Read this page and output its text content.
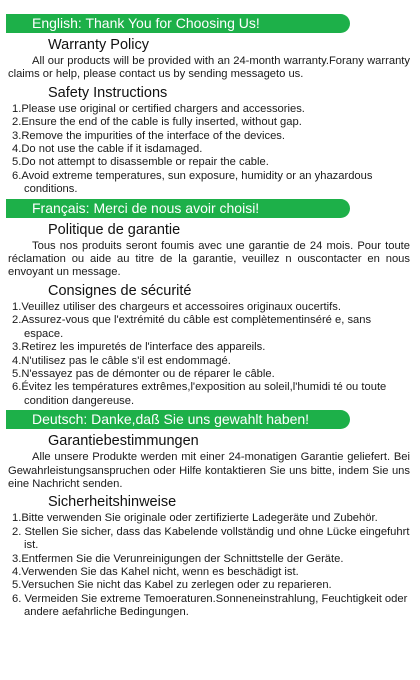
English: Thank You for Choosing Us!
Warranty Policy

All our products will be provided with an 24-month warranty.Forany warranty claims or help, please contact us by sending messageto us.

Safety Instructions
1.Please use original or certified chargers and accessories.
2.Ensure the end of the cable is fully inserted, without gap.
3.Remove the impurities of the interface of the devices.
4.Do not use the cable if it isdamaged.
5.Do not attempt to disassemble or repair the cable.
6.Avoid extreme temperatures, sun exposure, humidity or an yhazardous conditions.
Français: Merci de nous avoir choisi!
Politique de garantie

Tous nos produits seront foumis avec une garantie de 24 mois. Pour toute réclamation ou aide au titre de la garantie, veuillez n ouscontacter en nous envoyant un message.

Consignes de sécurité
1.Veuillez utiliser des chargeurs et accessoires originaux oucertifs.
2.Assurez-vous que l'extrémité du câble est complètementinséré e, sans espace.
3.Retirez les impuretés de l'interface des appareils.
4.N'utilisez pas le câble s'il est endommagé.
5.N'essayez pas de démonter ou de réparer le câble.
6.Évitez les températures extrêmes,l'exposition au soleil,l'humidi té ou toute condition dangereuse.
Deutsch: Danke,daß Sie uns gewahlt haben!
Garantiebestimmungen

Alle unsere Produkte werden mit einer 24-monatigen Garantie geliefert. Bei Gewahrleistungsanspruchen oder Hilfe kontaktieren Sie uns bitte, indem Sie uns eine Nachricht senden.

Sicherheitshinweise
1.Bitte verwenden Sie originale oder zertifizierte Ladegeräte und Zubehör.
2. Stellen Sie sicher, dass das Kabelende vollständig und ohne Lücke eingefuhrt ist.
3.Entfermen Sie die Verunreinigungen der Schnittstelle der Geräte.
4.Verwenden Sie das Kahel nicht, wenn es beschädigt ist.
5.Versuchen Sie nicht das Kabel zu zerlegen oder zu reparieren.
6. Vermeiden Sie extreme Temoeraturen.Sonneneinstrahlung, Feuchtigkeit oder andere aefahrliche Bedingungen.
